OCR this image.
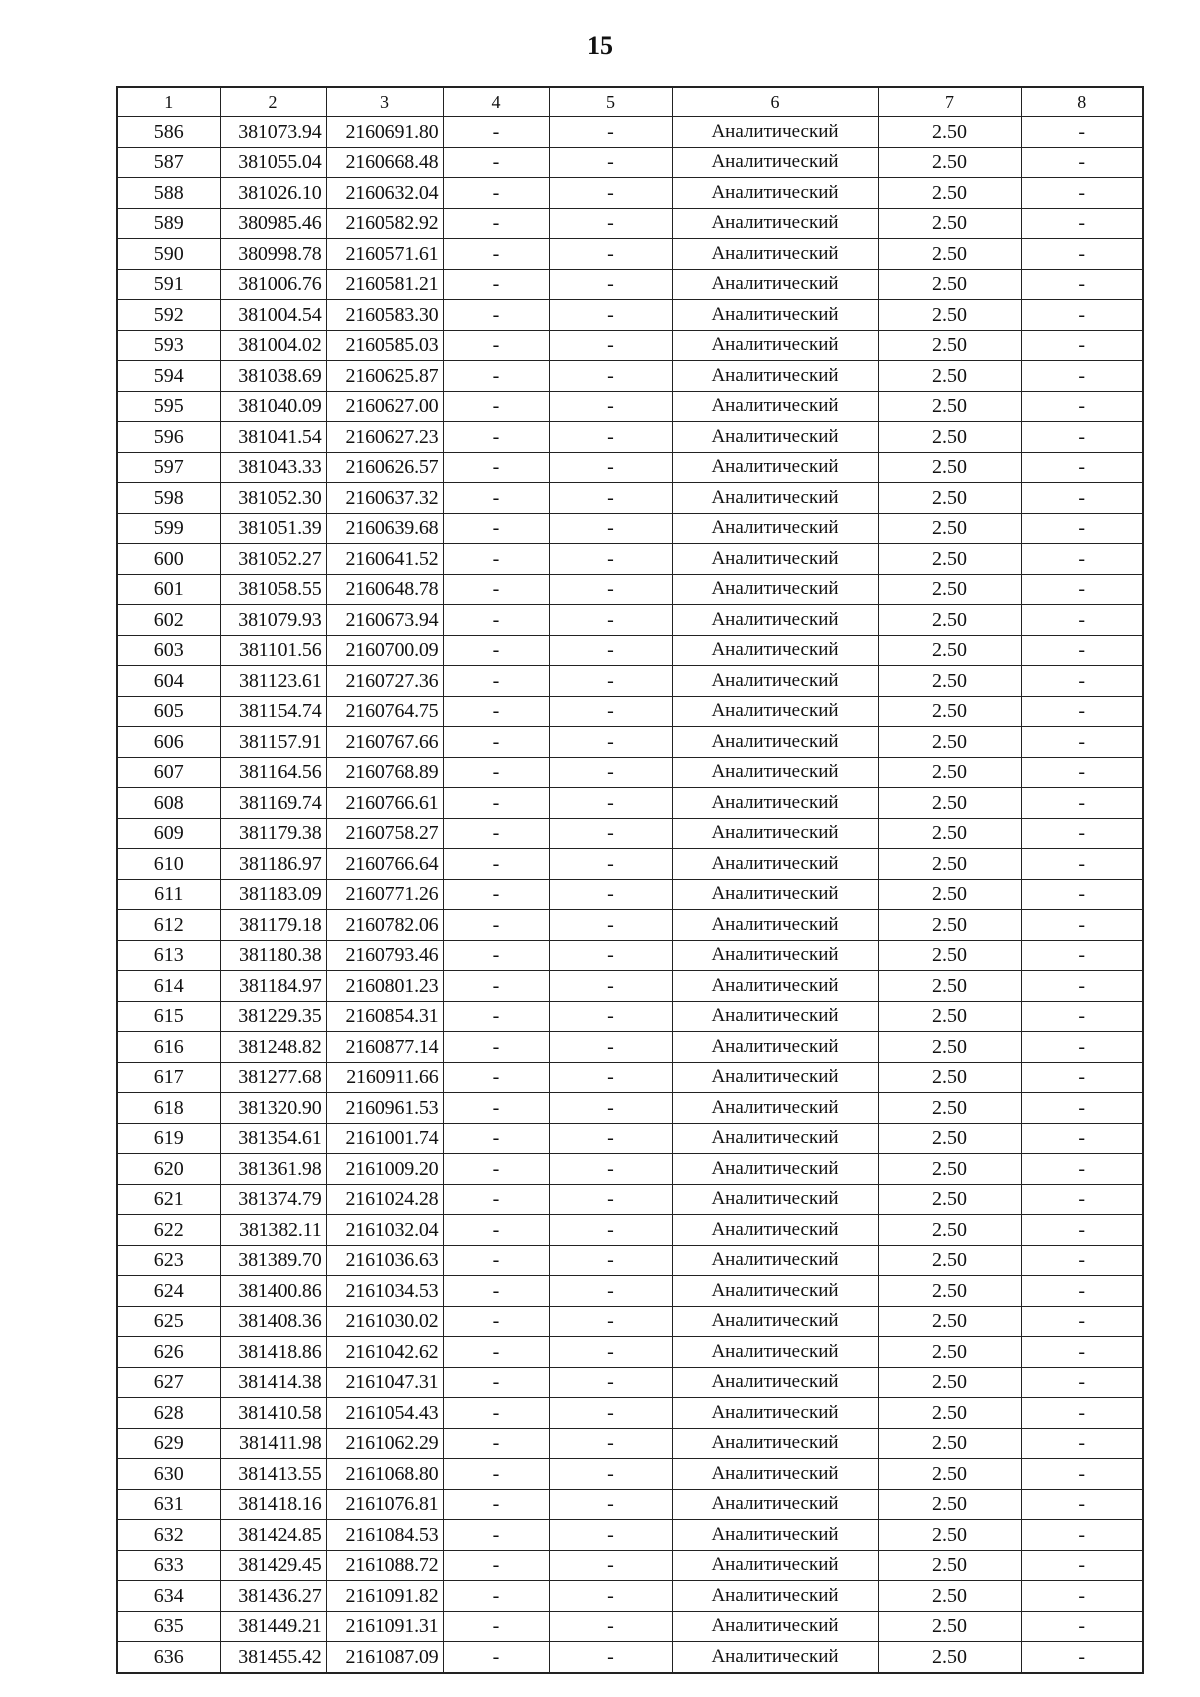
15
1	2	3	4	5	6	7	8
586	381073.94	2160691.80	-	-	Аналитический	2.50	-
587	381055.04	2160668.48	-	-	Аналитический	2.50	-
588	381026.10	2160632.04	-	-	Аналитический	2.50	-
589	380985.46	2160582.92	-	-	Аналитический	2.50	-
590	380998.78	2160571.61	-	-	Аналитический	2.50	-
591	381006.76	2160581.21	-	-	Аналитический	2.50	-
592	381004.54	2160583.30	-	-	Аналитический	2.50	-
593	381004.02	2160585.03	-	-	Аналитический	2.50	-
594	381038.69	2160625.87	-	-	Аналитический	2.50	-
595	381040.09	2160627.00	-	-	Аналитический	2.50	-
596	381041.54	2160627.23	-	-	Аналитический	2.50	-
597	381043.33	2160626.57	-	-	Аналитический	2.50	-
598	381052.30	2160637.32	-	-	Аналитический	2.50	-
599	381051.39	2160639.68	-	-	Аналитический	2.50	-
600	381052.27	2160641.52	-	-	Аналитический	2.50	-
601	381058.55	2160648.78	-	-	Аналитический	2.50	-
602	381079.93	2160673.94	-	-	Аналитический	2.50	-
603	381101.56	2160700.09	-	-	Аналитический	2.50	-
604	381123.61	2160727.36	-	-	Аналитический	2.50	-
605	381154.74	2160764.75	-	-	Аналитический	2.50	-
606	381157.91	2160767.66	-	-	Аналитический	2.50	-
607	381164.56	2160768.89	-	-	Аналитический	2.50	-
608	381169.74	2160766.61	-	-	Аналитический	2.50	-
609	381179.38	2160758.27	-	-	Аналитический	2.50	-
610	381186.97	2160766.64	-	-	Аналитический	2.50	-
611	381183.09	2160771.26	-	-	Аналитический	2.50	-
612	381179.18	2160782.06	-	-	Аналитический	2.50	-
613	381180.38	2160793.46	-	-	Аналитический	2.50	-
614	381184.97	2160801.23	-	-	Аналитический	2.50	-
615	381229.35	2160854.31	-	-	Аналитический	2.50	-
616	381248.82	2160877.14	-	-	Аналитический	2.50	-
617	381277.68	2160911.66	-	-	Аналитический	2.50	-
618	381320.90	2160961.53	-	-	Аналитический	2.50	-
619	381354.61	2161001.74	-	-	Аналитический	2.50	-
620	381361.98	2161009.20	-	-	Аналитический	2.50	-
621	381374.79	2161024.28	-	-	Аналитический	2.50	-
622	381382.11	2161032.04	-	-	Аналитический	2.50	-
623	381389.70	2161036.63	-	-	Аналитический	2.50	-
624	381400.86	2161034.53	-	-	Аналитический	2.50	-
625	381408.36	2161030.02	-	-	Аналитический	2.50	-
626	381418.86	2161042.62	-	-	Аналитический	2.50	-
627	381414.38	2161047.31	-	-	Аналитический	2.50	-
628	381410.58	2161054.43	-	-	Аналитический	2.50	-
629	381411.98	2161062.29	-	-	Аналитический	2.50	-
630	381413.55	2161068.80	-	-	Аналитический	2.50	-
631	381418.16	2161076.81	-	-	Аналитический	2.50	-
632	381424.85	2161084.53	-	-	Аналитический	2.50	-
633	381429.45	2161088.72	-	-	Аналитический	2.50	-
634	381436.27	2161091.82	-	-	Аналитический	2.50	-
635	381449.21	2161091.31	-	-	Аналитический	2.50	-
636	381455.42	2161087.09	-	-	Аналитический	2.50	-
